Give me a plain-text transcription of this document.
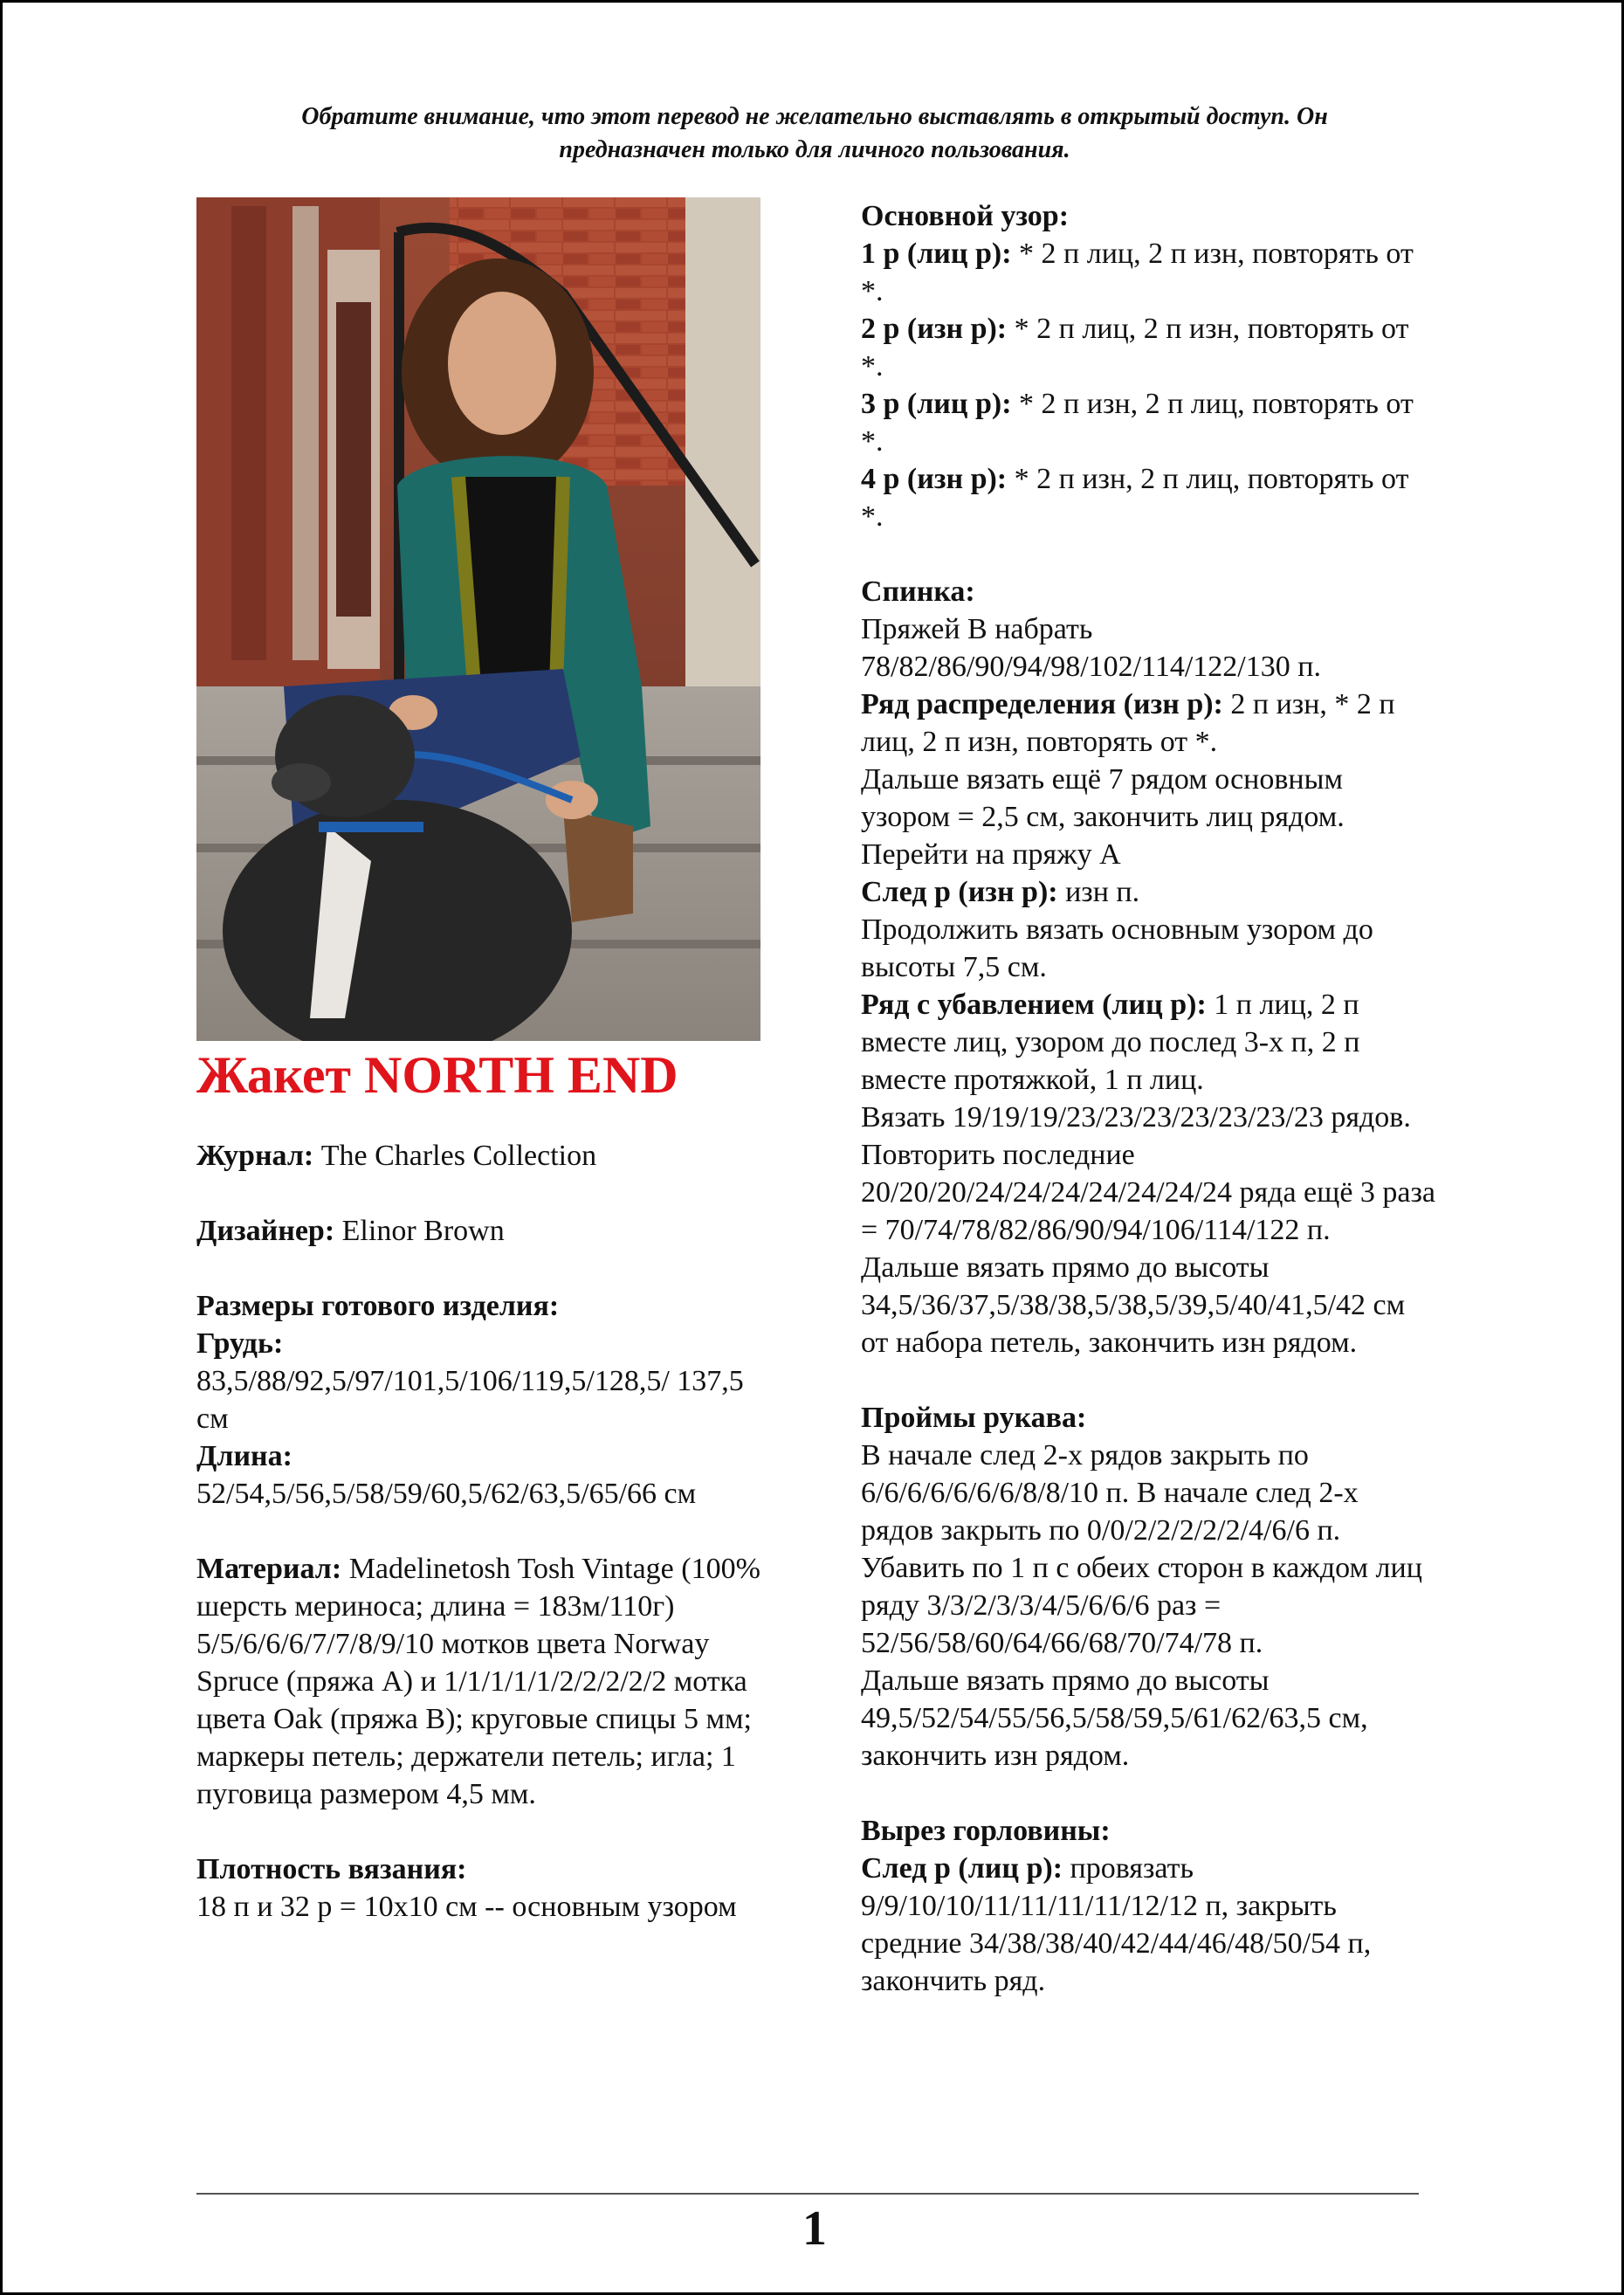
Обратите внимание, что этот перевод не желательно выставлять в открытый доступ. Он
предназначен только для личного пользования.

Жакет NORTH END

Журнал: The Charles Collection

Дизайнер: Elinor Brown

Размеры готового изделия:

Грудь:

83,5/88/92,5/97/101,5/106/119,5/128,5/ 137,5 см

Длина:

52/54,5/56,5/58/59/60,5/62/63,5/65/66 см

Материал: Madelinetosh Tosh Vintage (100% шерсть мериноса; длина = 183м/110г) 5/5/6/6/6/7/7/8/9/10 мотков цвета Norway Spruce (пряжа А) и 1/1/1/1/1/2/2/2/2/2 мотка цвета Oak (пряжа В); круговые спицы 5 мм; маркеры петель; держатели петель; игла; 1 пуговица размером 4,5 мм.

Плотность вязания:

18 п и 32 р = 10х10 см -- основным узором

Основной узор:

1 р (лиц р): * 2 п лиц, 2 п изн, повторять от *.

2 р (изн р): * 2 п лиц, 2 п изн, повторять от *.

3 р (лиц р): * 2 п изн, 2 п лиц, повторять от *.

4 р (изн р): * 2 п изн, 2 п лиц, повторять от *.

Спинка:

Пряжей В набрать 78/82/86/90/94/98/102/114/122/130 п.

Ряд распределения (изн р): 2 п изн, * 2 п лиц, 2 п изн, повторять от *.

Дальше вязать ещё 7 рядом основным узором = 2,5 см, закончить лиц рядом.

Перейти на пряжу А

След р (изн р): изн п.

Продолжить вязать основным узором до высоты 7,5 см.

Ряд с убавлением (лиц р): 1 п лиц, 2 п вместе лиц, узором до послед 3-х п, 2 п вместе протяжкой, 1 п лиц.

Вязать 19/19/19/23/23/23/23/23/23/23 рядов.

Повторить последние 20/20/20/24/24/24/24/24/24/24 ряда ещё 3 раза = 70/74/78/82/86/90/94/106/114/122 п.

Дальше вязать прямо до высоты 34,5/36/37,5/38/38,5/38,5/39,5/40/41,5/42 см от набора петель, закончить изн рядом.

Проймы рукава:

В начале след 2-х рядов закрыть по 6/6/6/6/6/6/6/8/8/10 п. В начале след 2-х рядов закрыть по 0/0/2/2/2/2/2/4/6/6 п. Убавить по 1 п с обеих сторон в каждом лиц ряду 3/3/2/3/3/4/5/6/6/6 раз = 52/56/58/60/64/66/68/70/74/78 п.

Дальше вязать прямо до высоты 49,5/52/54/55/56,5/58/59,5/61/62/63,5 см, закончить изн рядом.

Вырез горловины:

След р (лиц р): провязать 9/9/10/10/11/11/11/11/12/12 п, закрыть средние 34/38/38/40/42/44/46/48/50/54 п, закончить ряд.

1
